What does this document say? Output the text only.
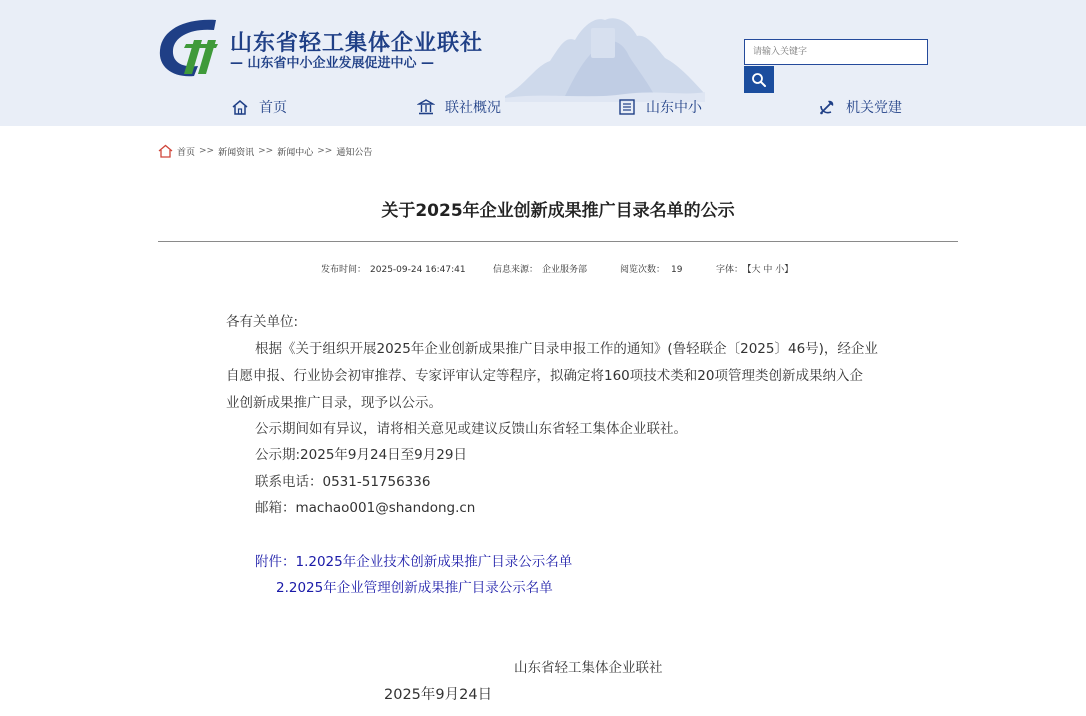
山东省轻工集体企业联社
— 山东省中小企业发展促进中心 —
请输入关键字
首页	联社概况	山东中小	机关党建
首页 >> 新闻资讯 >> 新闻中心 >> 通知公告
关于2025年企业创新成果推广目录名单的公示
发布时间： 2025-09-24 16:47:41	信息来源： 企业服务部	阅览次数： 19	字体： 【大 中 小】
各有关单位:
根据《关于组织开展2025年企业创新成果推广目录申报工作的通知》(鲁轻联企〔2025〕46号)，经企业
自愿申报、行业协会初审推荐、专家评审认定等程序，拟确定将160项技术类和20项管理类创新成果纳入企
业创新成果推广目录，现予以公示。
公示期间如有异议，请将相关意见或建议反馈山东省轻工集体企业联社。
公示期:2025年9月24日至9月29日
联系电话：0531-51756336
邮箱：machao001@shandong.cn
附件：1.2025年企业技术创新成果推广目录公示名单
2.2025年企业管理创新成果推广目录公示名单
山东省轻工集体企业联社
2025年9月24日
